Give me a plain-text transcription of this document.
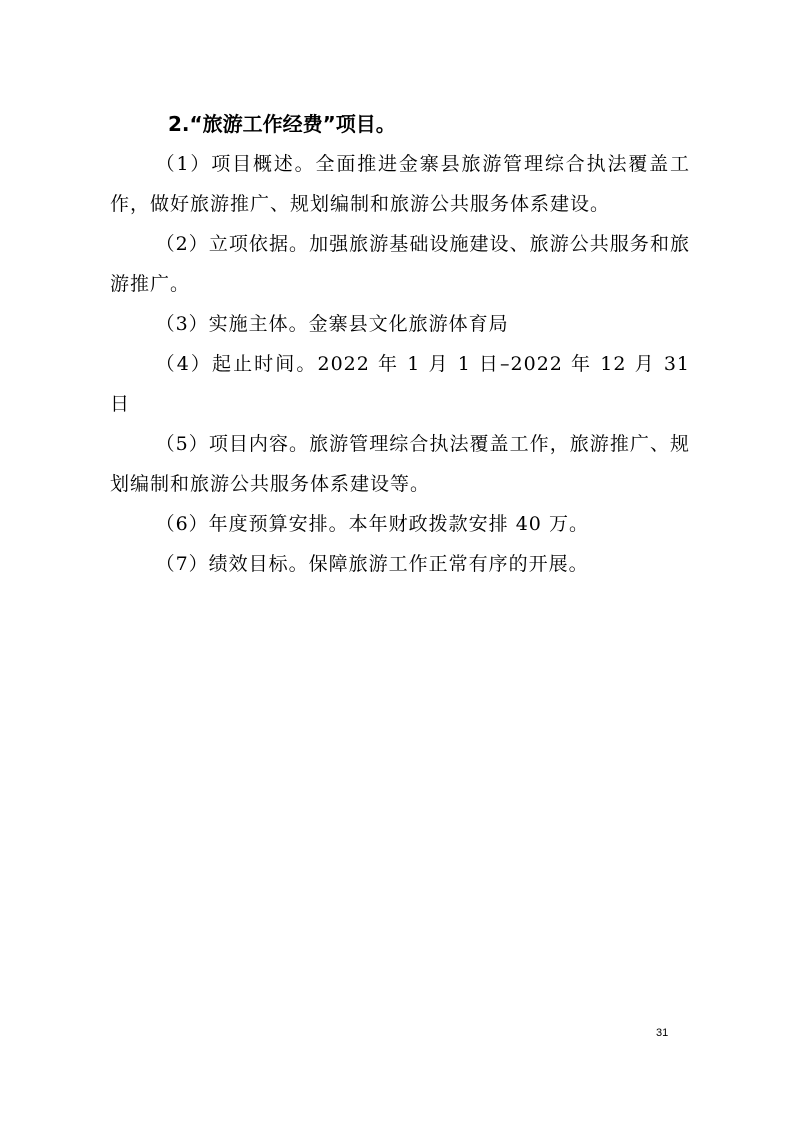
2.“旅游工作经费”项目。

（1）项目概述。全面推进金寨县旅游管理综合执法覆盖工作，做好旅游推广、规划编制和旅游公共服务体系建设。

（2）立项依据。加强旅游基础设施建设、旅游公共服务和旅游推广。

（3）实施主体。金寨县文化旅游体育局

（4）起止时间。2022 年 1 月 1 日–2022 年 12 月 31 日

（5）项目内容。旅游管理综合执法覆盖工作，旅游推广、规划编制和旅游公共服务体系建设等。

（6）年度预算安排。本年财政拨款安排 40 万。

（7）绩效目标。保障旅游工作正常有序的开展。

31
